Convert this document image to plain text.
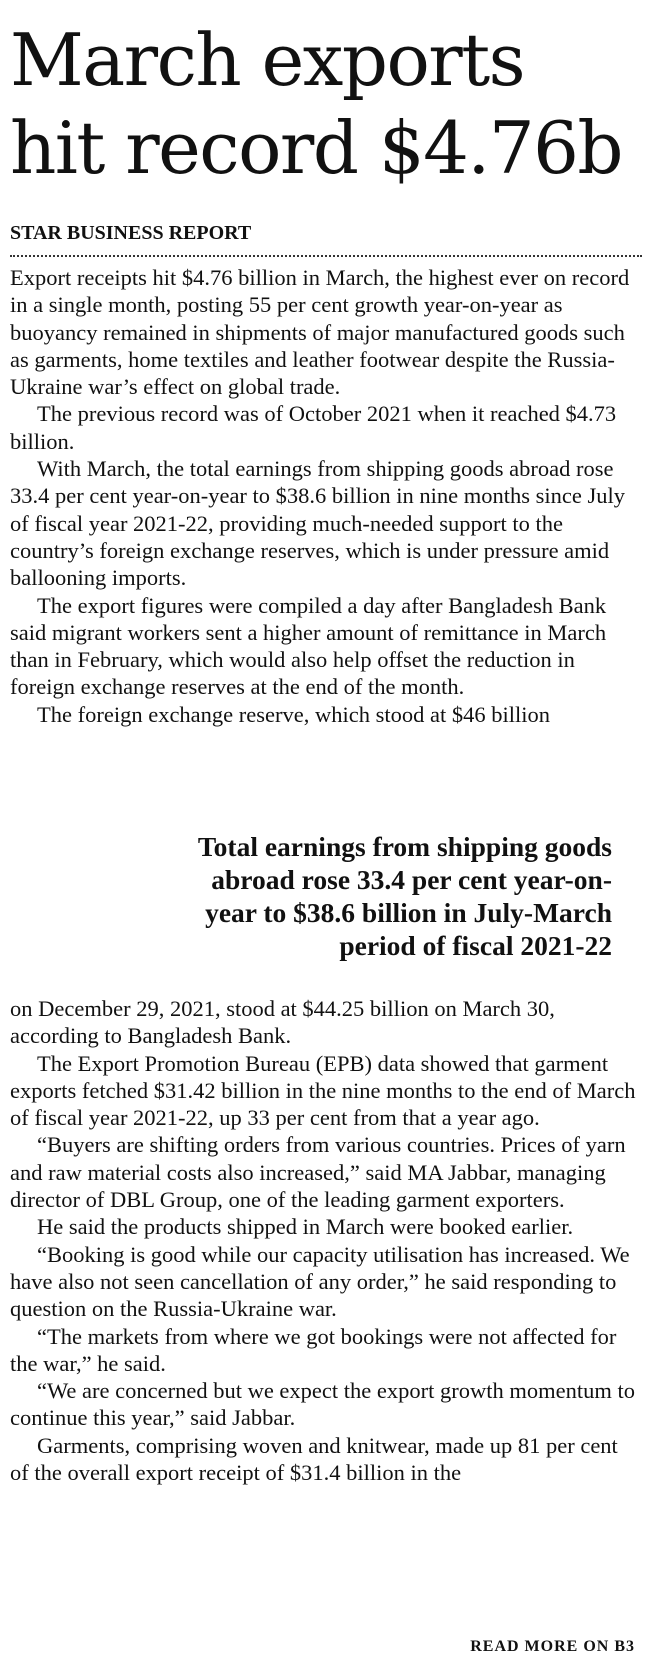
March exports
hit record $4.76b
STAR BUSINESS REPORT

Export receipts hit $4.76 billion in March, the highest ever on record in a single month, posting 55 per cent growth year-on-year as buoyancy remained in shipments of major manufactured goods such as garments, home textiles and leather footwear despite the Russia-Ukraine war’s effect on global trade.

The previous record was of October 2021 when it reached $4.73 billion.

With March, the total earnings from shipping goods abroad rose 33.4 per cent year-on-year to $38.6 billion in nine months since July of fiscal year 2021-22, providing much-needed support to the country’s foreign exchange reserves, which is under pressure amid ballooning imports.

The export figures were compiled a day after Bangladesh Bank said migrant workers sent a higher amount of remittance in March than in February, which would also help offset the reduction in foreign exchange reserves at the end of the month.

The foreign exchange reserve, which stood at $46 billion

Total earnings from shipping goods
abroad rose 33.4 per cent year-on-
year to $38.6 billion in July-March
period of fiscal 2021-22

on December 29, 2021, stood at $44.25 billion on March 30, according to Bangladesh Bank.

The Export Promotion Bureau (EPB) data showed that garment exports fetched $31.42 billion in the nine months to the end of March of fiscal year 2021-22, up 33 per cent from that a year ago.

“Buyers are shifting orders from various countries. Prices of yarn and raw material costs also increased,” said MA Jabbar, managing director of DBL Group, one of the leading garment exporters.

He said the products shipped in March were booked earlier.

“Booking is good while our capacity utilisation has increased. We have also not seen cancellation of any order,” he said responding to question on the Russia-Ukraine war.

“The markets from where we got bookings were not affected for the war,” he said.

“We are concerned but we expect the export growth momentum to continue this year,” said Jabbar.

Garments, comprising woven and knitwear, made up 81 per cent of the overall export receipt of $31.4 billion in the

READ MORE ON B3
